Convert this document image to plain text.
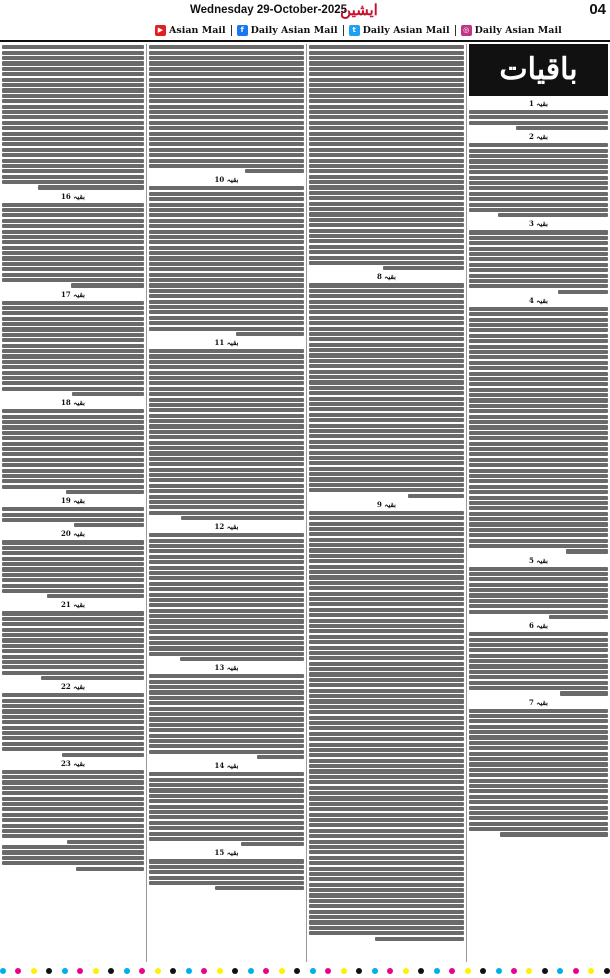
Wednesday 29-October-2025
ایشین	04
▶ Asian Mail	f Daily Asian Mail	t Daily Asian Mail	◎ Daily Asian Mail
بقیہ 16
بقیہ 17
بقیہ 18
بقیہ 19
بقیہ 20
بقیہ 21
بقیہ 22
بقیہ 23
بقیہ 10
بقیہ 11
بقیہ 12
بقیہ 13
بقیہ 14
بقیہ 15
بقیہ 8
بقیہ 9
باقیات
بقیہ 1
بقیہ 2
بقیہ 3
بقیہ 4
بقیہ 5
بقیہ 6
بقیہ 7
